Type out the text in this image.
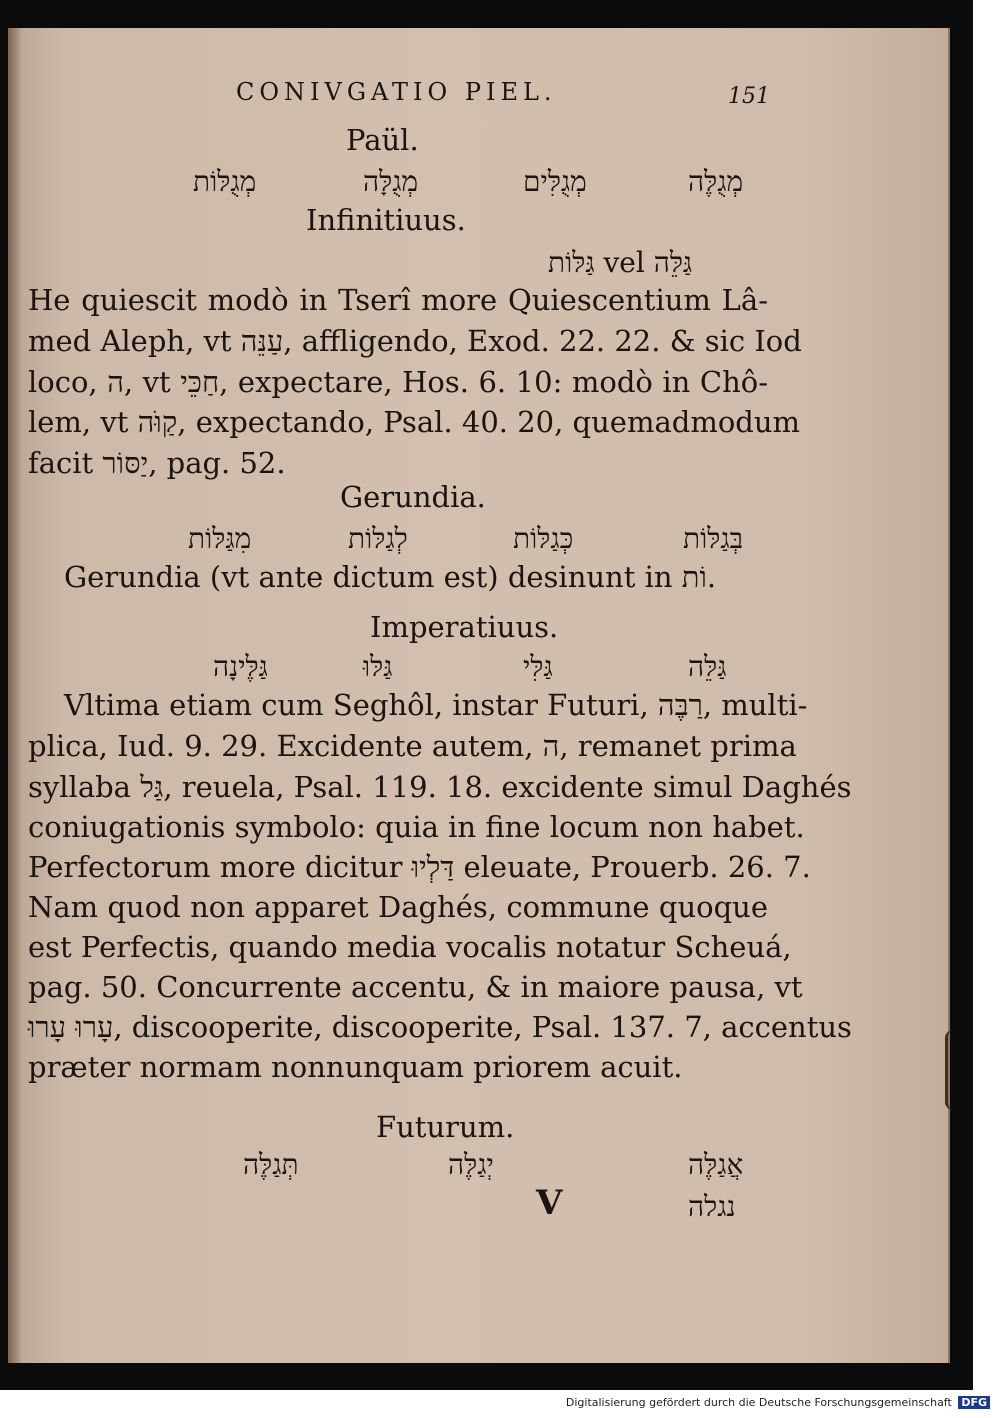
CONIVGATIO PIEL.	151
Paül.
מְגֻלֶּה
מְגֻלִּים
מְגֻלָּה
מְגֻלּוֹת
Infinitiuus.
גַּלֵּה vel גַּלּוֹת
He quiescit modò in Tserî more Quiescentium Lâ-
med Aleph, vt עַנֵּה, affligendo, Exod. 22. 22. & sic Iod
loco, ה, vt חַכֵּי, expectare, Hos. 6. 10: modò in Chô-
lem, vt קַוֹּה, expectando, Psal. 40. 20, quemadmodum
facit יַסּוֹר, pag. 52.
Gerundia.
בְּגַלּוֹת
כְּגַלּוֹת
לְגַלּוֹת
מִגַּלּוֹת
Gerundia (vt ante dictum est) desinunt in וֹת.
Imperatiuus.
גַּלֵּה
גַּלִּי
גַּלּוּ
גַּלֶּינָה
Vltima etiam cum Seghôl, instar Futuri, רַבֶּה, multi-
plica, Iud. 9. 29. Excidente autem, ה, remanet prima
syllaba גַּל, reuela, Psal. 119. 18. excidente simul Daghés
coniugationis symbolo: quia in fine locum non habet.
Perfectorum more dicitur דַּלְיוּ eleuate, Prouerb. 26. 7.
Nam quod non apparet Daghés, commune quoque
est Perfectis, quando media vocalis notatur Scheuá,
pag. 50. Concurrente accentu, & in maiore pausa, vt
עָרוּ עָרוּ, discooperite, discooperite, Psal. 137. 7, accentus
præter normam nonnunquam priorem acuit.
Futurum.
אֲגַלֶּה
יְגַלֶּה
תְּגַלֶּה
V	נגלה
Digitalisierung gefördert durch die Deutsche Forschungsgemeinschaft DFG
